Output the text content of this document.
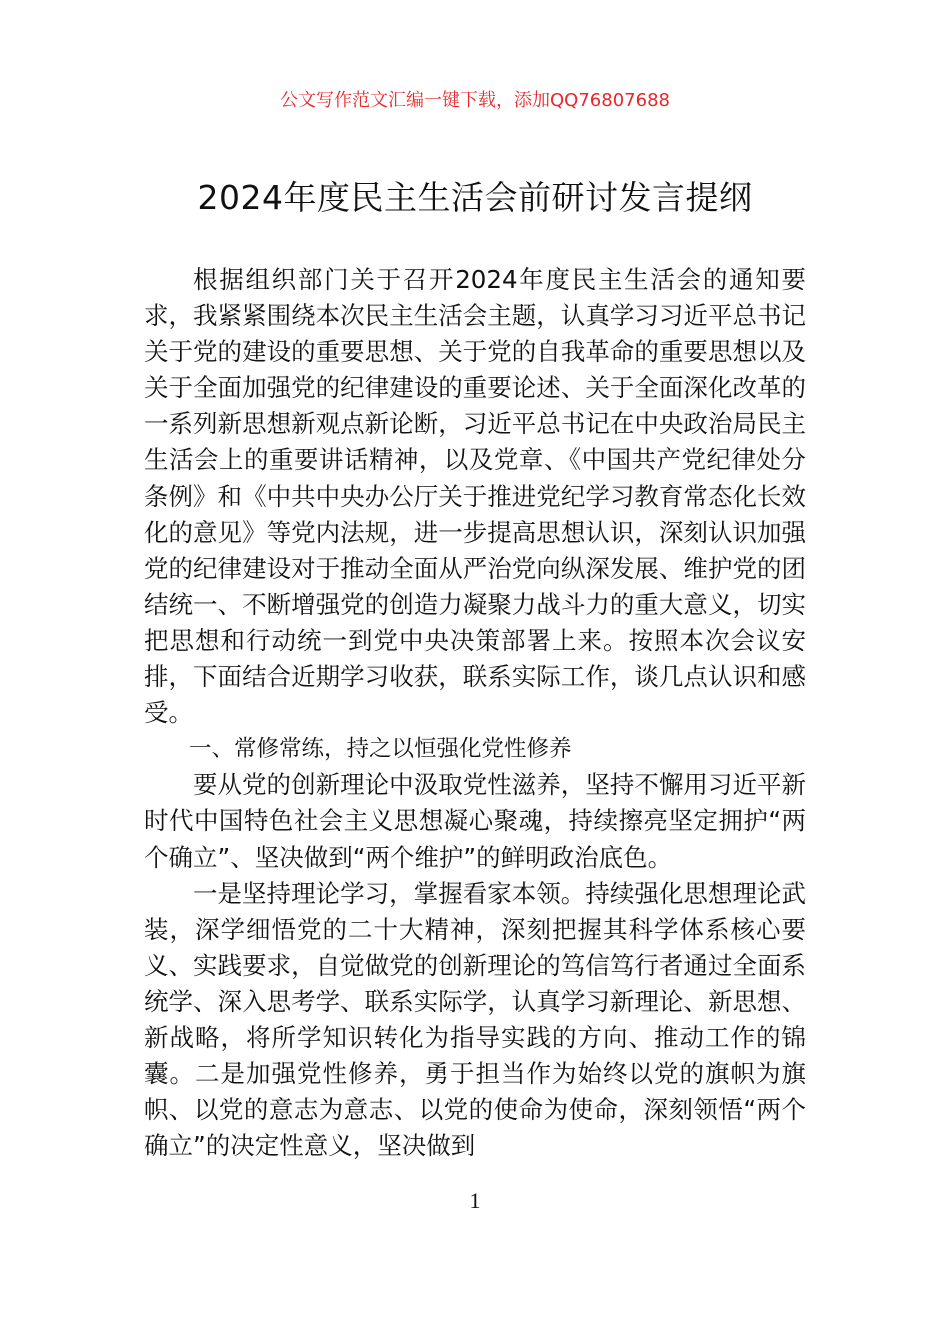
公文写作范文汇编一键下载，添加QQ76807688
2024年度民主生活会前研讨发言提纲

根据组织部门关于召开2024年度民主生活会的通知要求，我紧紧围绕本次民主生活会主题，认真学习习近平总书记关于党的建设的重要思想、关于党的自我革命的重要思想以及关于全面加强党的纪律建设的重要论述、关于全面深化改革的一系列新思想新观点新论断，习近平总书记在中央政治局民主生活会上的重要讲话精神，以及党章、《中国共产党纪律处分条例》和《中共中央办公厅关于推进党纪学习教育常态化长效化的意见》等党内法规，进一步提高思想认识，深刻认识加强党的纪律建设对于推动全面从严治党向纵深发展、维护党的团结统一、不断增强党的创造力凝聚力战斗力的重大意义，切实把思想和行动统一到党中央决策部署上来。按照本次会议安排，下面结合近期学习收获，联系实际工作，谈几点认识和感受。

一、常修常练，持之以恒强化党性修养

要从党的创新理论中汲取党性滋养，坚持不懈用习近平新时代中国特色社会主义思想凝心聚魂，持续擦亮坚定拥护“两个确立”、坚决做到“两个维护”的鲜明政治底色。

一是坚持理论学习，掌握看家本领。持续强化思想理论武装，深学细悟党的二十大精神，深刻把握其科学体系核心要义、实践要求，自觉做党的创新理论的笃信笃行者通过全面系统学、深入思考学、联系实际学，认真学习新理论、新思想、新战略，将所学知识转化为指导实践的方向、推动工作的锦囊。二是加强党性修养，勇于担当作为始终以党的旗帜为旗帜、以党的意志为意志、以党的使命为使命，深刻领悟“两个确立”的决定性意义，坚决做到

1
